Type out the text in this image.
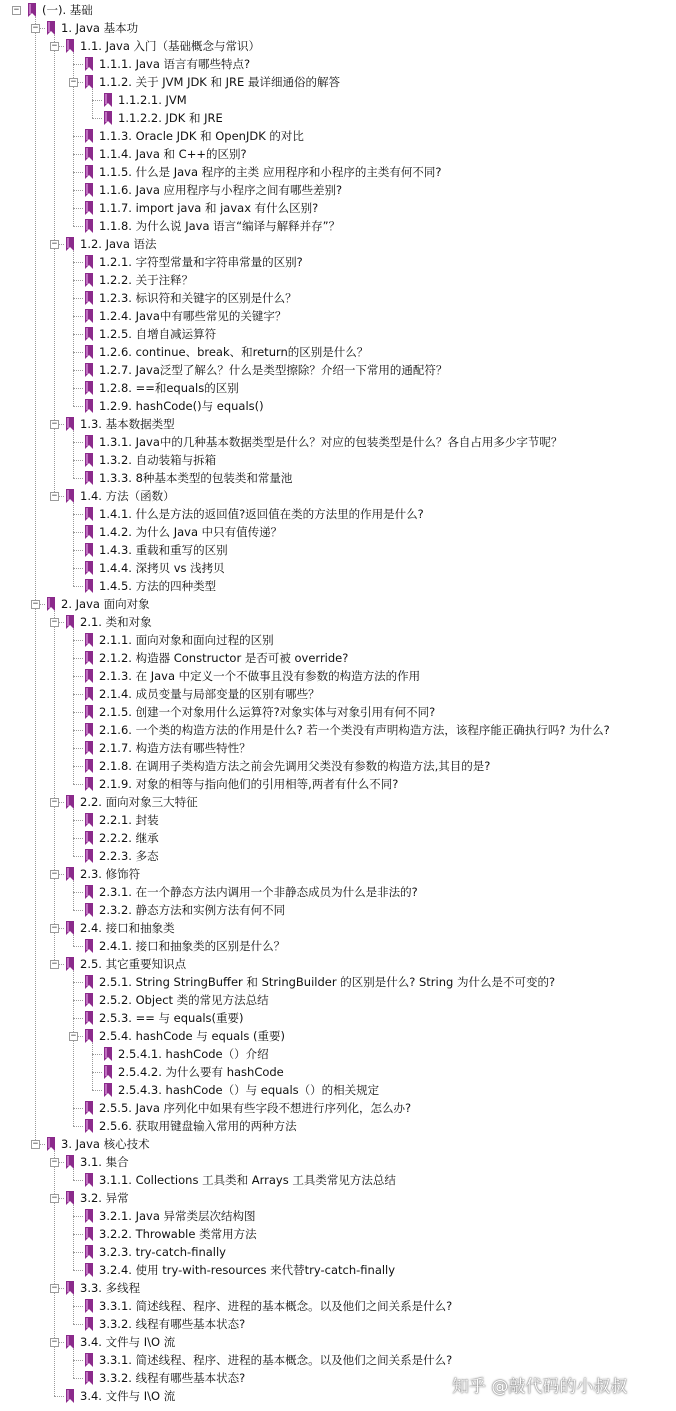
− (一). 基础
− 1. Java 基本功
− 1.1. Java 入门（基础概念与常识）
1.1.1. Java 语言有哪些特点?
− 1.1.2. 关于 JVM JDK 和 JRE 最详细通俗的解答
1.1.2.1. JVM
1.1.2.2. JDK 和 JRE
1.1.3. Oracle JDK 和 OpenJDK 的对比
1.1.4. Java 和 C++的区别?
1.1.5. 什么是 Java 程序的主类 应用程序和小程序的主类有何不同?
1.1.6. Java 应用程序与小程序之间有哪些差别?
1.1.7. import java 和 javax 有什么区别?
1.1.8. 为什么说 Java 语言“编译与解释并存”？
− 1.2. Java 语法
1.2.1. 字符型常量和字符串常量的区别?
1.2.2. 关于注释？
1.2.3. 标识符和关键字的区别是什么？
1.2.4. Java中有哪些常见的关键字？
1.2.5. 自增自减运算符
1.2.6. continue、break、和return的区别是什么？
1.2.7. Java泛型了解么？什么是类型擦除？介绍一下常用的通配符？
1.2.8. ==和equals的区别
1.2.9. hashCode()与 equals()
− 1.3. 基本数据类型
1.3.1. Java中的几种基本数据类型是什么？对应的包装类型是什么？各自占用多少字节呢？
1.3.2. 自动装箱与拆箱
1.3.3. 8种基本类型的包装类和常量池
− 1.4. 方法（函数）
1.4.1. 什么是方法的返回值?返回值在类的方法里的作用是什么?
1.4.2. 为什么 Java 中只有值传递？
1.4.3. 重载和重写的区别
1.4.4. 深拷贝 vs 浅拷贝
1.4.5. 方法的四种类型
− 2. Java 面向对象
− 2.1. 类和对象
2.1.1. 面向对象和面向过程的区别
2.1.2. 构造器 Constructor 是否可被 override?
2.1.3. 在 Java 中定义一个不做事且没有参数的构造方法的作用
2.1.4. 成员变量与局部变量的区别有哪些？
2.1.5. 创建一个对象用什么运算符?对象实体与对象引用有何不同?
2.1.6. 一个类的构造方法的作用是什么? 若一个类没有声明构造方法，该程序能正确执行吗? 为什么?
2.1.7. 构造方法有哪些特性？
2.1.8. 在调用子类构造方法之前会先调用父类没有参数的构造方法,其目的是?
2.1.9. 对象的相等与指向他们的引用相等,两者有什么不同?
− 2.2. 面向对象三大特征
2.2.1. 封装
2.2.2. 继承
2.2.3. 多态
− 2.3. 修饰符
2.3.1. 在一个静态方法内调用一个非静态成员为什么是非法的?
2.3.2. 静态方法和实例方法有何不同
− 2.4. 接口和抽象类
2.4.1. 接口和抽象类的区别是什么？
− 2.5. 其它重要知识点
2.5.1. String StringBuffer 和 StringBuilder 的区别是什么? String 为什么是不可变的?
2.5.2. Object 类的常见方法总结
2.5.3. == 与 equals(重要)
− 2.5.4. hashCode 与 equals (重要)
2.5.4.1. hashCode（）介绍
2.5.4.2. 为什么要有 hashCode
2.5.4.3. hashCode（）与 equals（）的相关规定
2.5.5. Java 序列化中如果有些字段不想进行序列化，怎么办?
2.5.6. 获取用键盘输入常用的两种方法
− 3. Java 核心技术
− 3.1. 集合
3.1.1. Collections 工具类和 Arrays 工具类常见方法总结
− 3.2. 异常
3.2.1. Java 异常类层次结构图
3.2.2. Throwable 类常用方法
3.2.3. try-catch-finally
3.2.4. 使用 try-with-resources 来代替try-catch-finally
− 3.3. 多线程
3.3.1. 简述线程、程序、进程的基本概念。以及他们之间关系是什么?
3.3.2. 线程有哪些基本状态?
− 3.4. 文件与 I\O 流
3.3.1. 简述线程、程序、进程的基本概念。以及他们之间关系是什么?
3.3.2. 线程有哪些基本状态?
3.4. 文件与 I\O 流	知乎 @敲代码的小叔叔
